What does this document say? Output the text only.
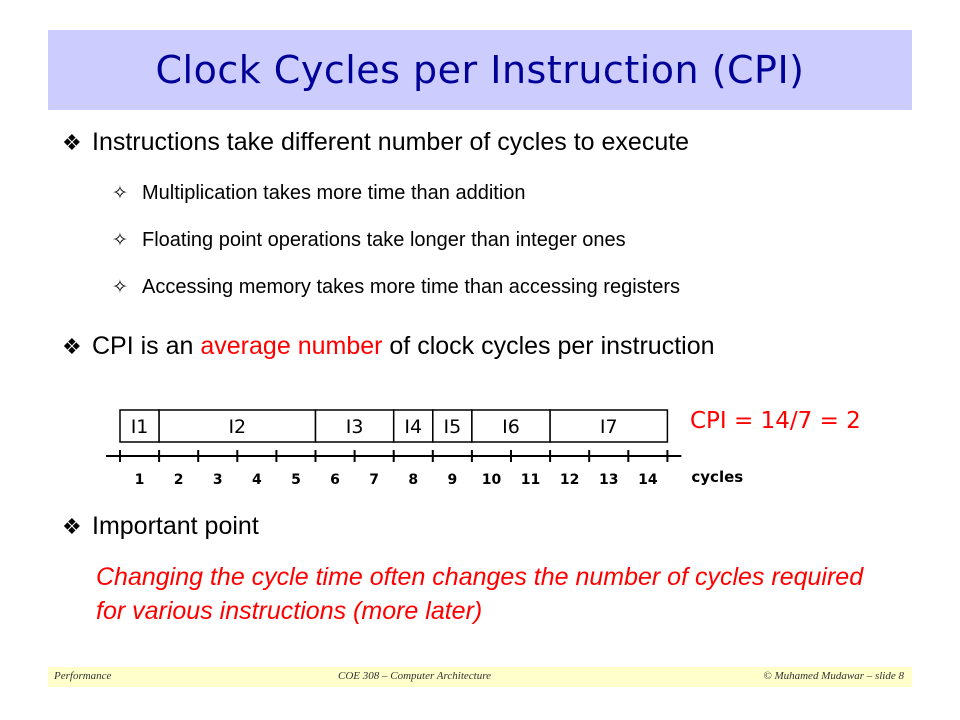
Clock Cycles per Instruction (CPI)
❖ Instructions take different number of cycles to execute
✧ Multiplication takes more time than addition
✧ Floating point operations take longer than integer ones
✧ Accessing memory takes more time than accessing registers
❖ CPI is an average number of clock cycles per instruction
I1	I2	I3 I4 I5 I6	I7
1 2 3 4 5 6 7 8 9 10 11 12 13 14 cycles
CPI = 14/7 = 2
❖ Important point
Changing the cycle time often changes the number of cycles required for various instructions (more later)
Performance	COE 308 – Computer Architecture	© Muhamed Mudawar – slide 8
